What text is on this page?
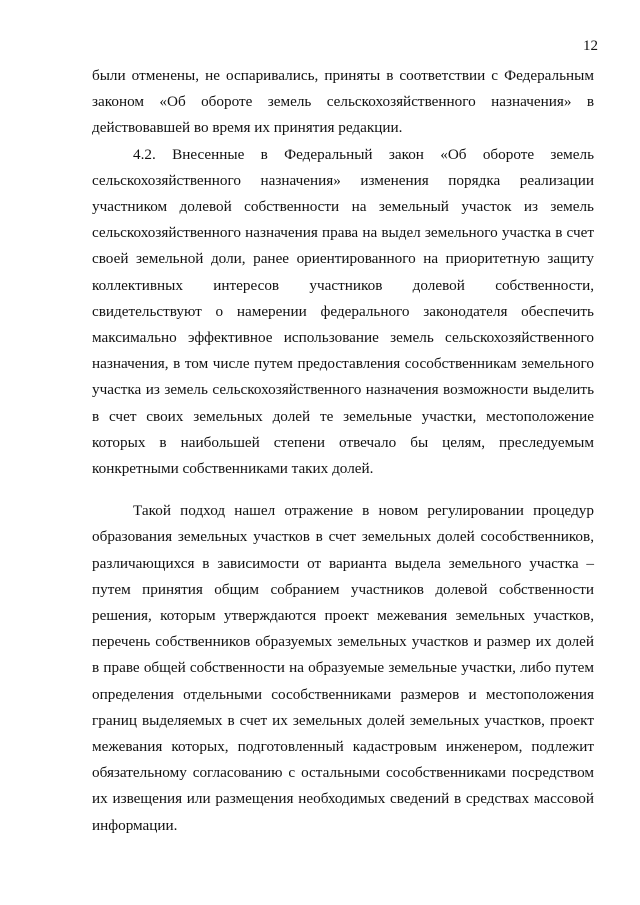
12

были отменены, не оспаривались, приняты в соответствии с Федеральным законом «Об обороте земель сельскохозяйственного назначения» в действовавшей во время их принятия редакции.

4.2. Внесенные в Федеральный закон «Об обороте земель сельскохозяйственного назначения» изменения порядка реализации участником долевой собственности на земельный участок из земель сельскохозяйственного назначения права на выдел земельного участка в счет своей земельной доли, ранее ориентированного на приоритетную защиту коллективных интересов участников долевой собственности, свидетельствуют о намерении федерального законодателя обеспечить максимально эффективное использование земель сельскохозяйственного назначения, в том числе путем предоставления сособственникам земельного участка из земель сельскохозяйственного назначения возможности выделить в счет своих земельных долей те земельные участки, местоположение которых в наибольшей степени отвечало бы целям, преследуемым конкретными собственниками таких долей.

Такой подход нашел отражение в новом регулировании процедур образования земельных участков в счет земельных долей сособственников, различающихся в зависимости от варианта выдела земельного участка – путем принятия общим собранием участников долевой собственности решения, которым утверждаются проект межевания земельных участков, перечень собственников образуемых земельных участков и размер их долей в праве общей собственности на образуемые земельные участки, либо путем определения отдельными сособственниками размеров и местоположения границ выделяемых в счет их земельных долей земельных участков, проект межевания которых, подготовленный кадастровым инженером, подлежит обязательному согласованию с остальными сособственниками посредством их извещения или размещения необходимых сведений в средствах массовой информации.
